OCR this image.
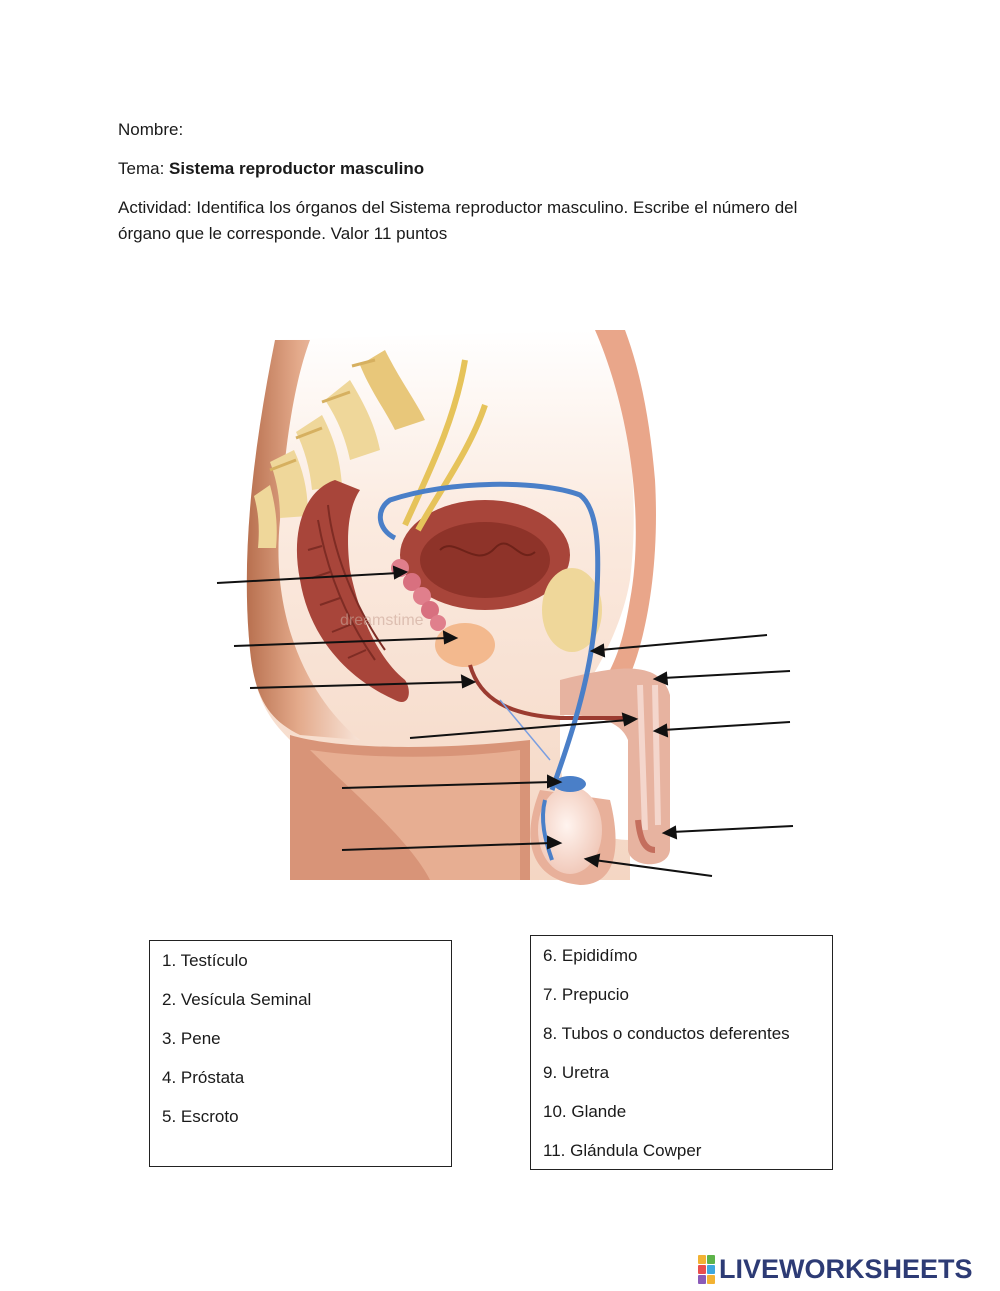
Nombre:
Tema: Sistema reproductor masculino
Actividad: Identifica los órganos del Sistema reproductor masculino. Escribe el número del
órgano que le corresponde. Valor 11 puntos
dreamstime
1. Testículo
2. Vesícula Seminal
3. Pene
4. Próstata
5. Escroto
6. Epididímo
7. Prepucio
8. Tubos o conductos deferentes
9. Uretra
10. Glande
11. Glándula Cowper
LIVEWORKSHEETS
